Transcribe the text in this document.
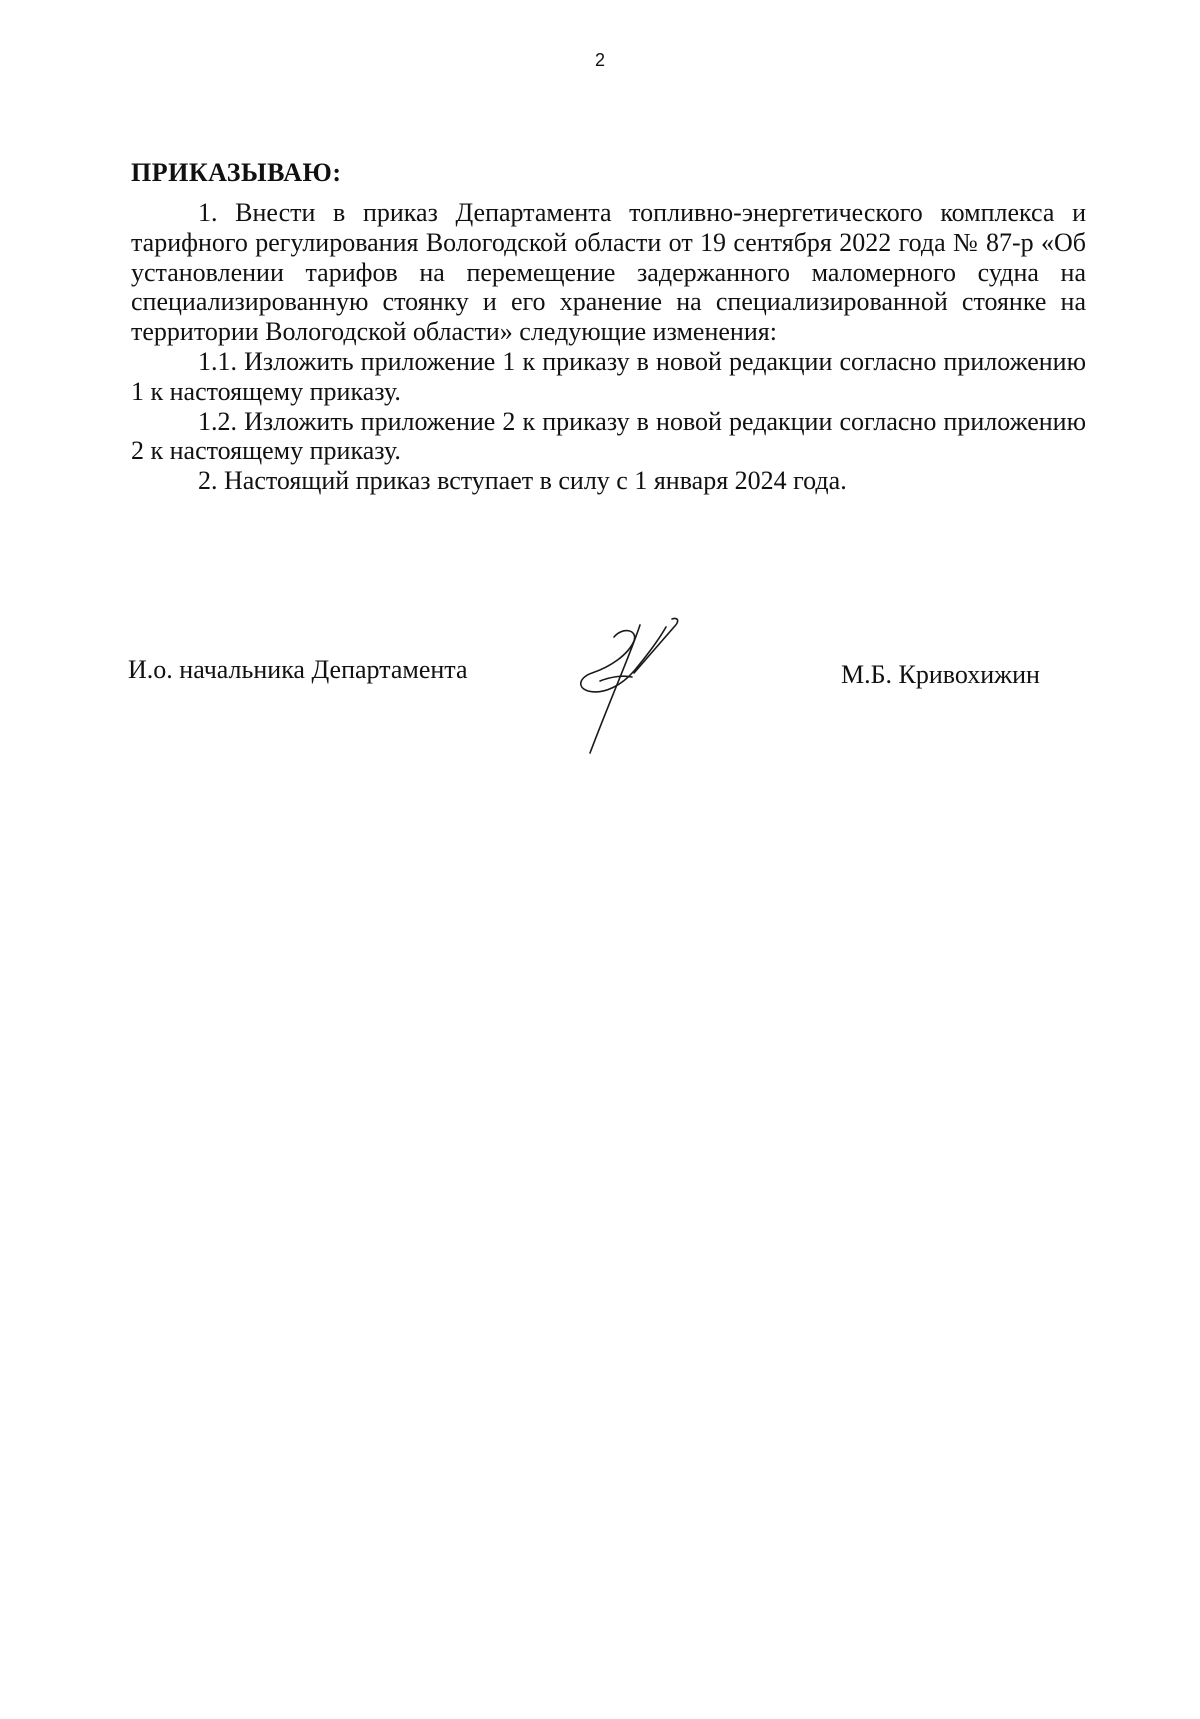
2
ПРИКАЗЫВАЮ:

1. Внести в приказ Департамента топливно-энергетического комплекса и тарифного регулирования Вологодской области от 19 сентября 2022 года № 87-р «Об установлении тарифов на перемещение задержанного маломерного судна на специализированную стоянку и его хранение на специализированной стоянке на территории Вологодской области» следующие изменения:

1.1. Изложить приложение 1 к приказу в новой редакции согласно приложению 1 к настоящему приказу.

1.2. Изложить приложение 2 к приказу в новой редакции согласно приложению 2 к настоящему приказу.

2. Настоящий приказ вступает в силу с 1 января 2024 года.

И.о. начальника Департамента	М.Б. Кривохижин
